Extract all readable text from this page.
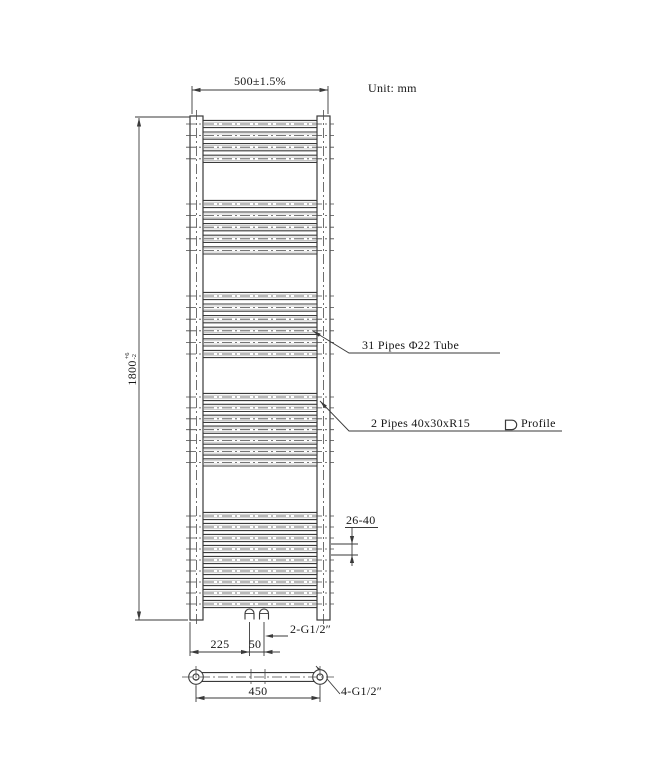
Unit: mm
500±1.5%
1800
+6 -2
31 Pipes Φ22 Tube
2 Pipes 40x30xR15	Profile
26-40
2-G1/2″
225	50
450	4-G1/2″
